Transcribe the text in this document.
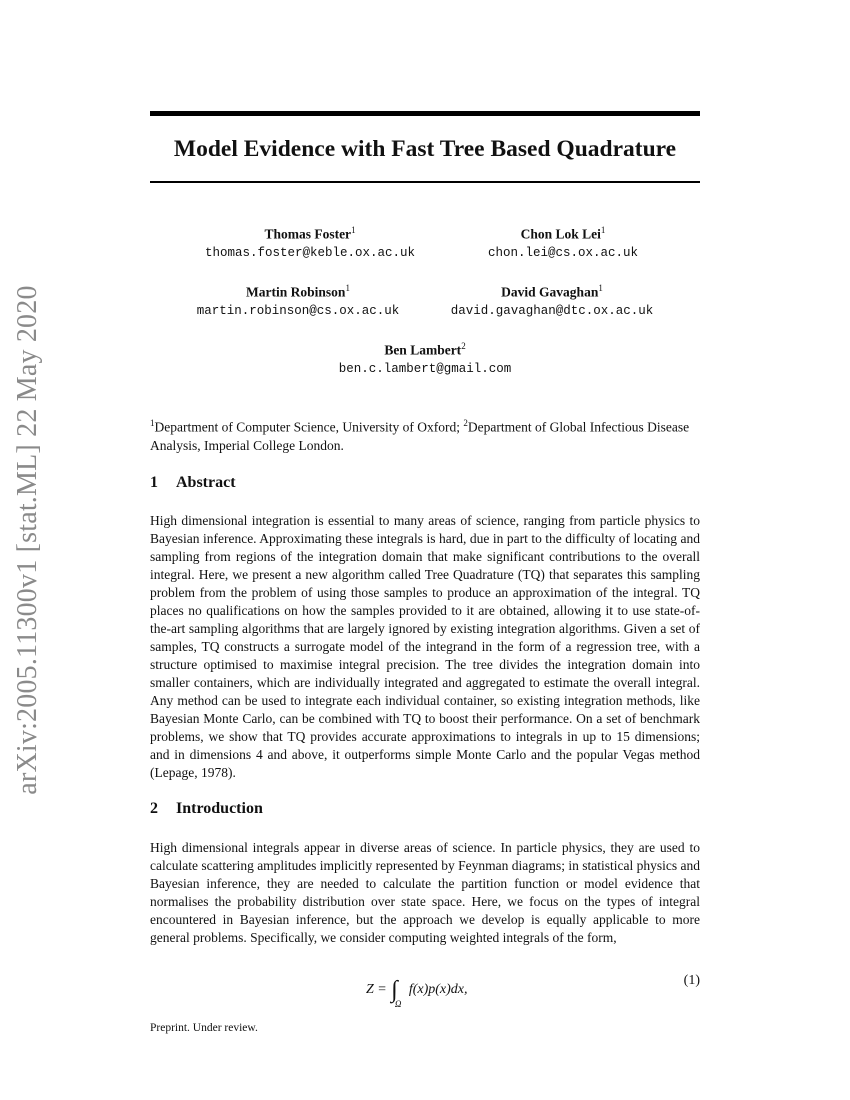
arXiv:2005.11300v1 [stat.ML] 22 May 2020
Model Evidence with Fast Tree Based Quadrature
Thomas Foster$^1$
thomas.foster@keble.ox.ac.uk
Chon Lok Lei$^1$
chon.lei@cs.ox.ac.uk
Martin Robinson$^1$
martin.robinson@cs.ox.ac.uk
David Gavaghan$^1$
david.gavaghan@dtc.ox.ac.uk
Ben Lambert$^2$
ben.c.lambert@gmail.com
$^1$Department of Computer Science, University of Oxford; $^2$Department of Global Infectious Disease Analysis, Imperial College London.
1 Abstract
High dimensional integration is essential to many areas of science, ranging from particle physics to Bayesian inference. Approximating these integrals is hard, due in part to the difficulty of locating and sampling from regions of the integration domain that make significant contributions to the overall integral. Here, we present a new algorithm called Tree Quadrature (TQ) that separates this sampling problem from the problem of using those samples to produce an approximation of the integral. TQ places no qualifications on how the samples provided to it are obtained, allowing it to use state-of-the-art sampling algorithms that are largely ignored by existing integration algorithms. Given a set of samples, TQ constructs a surrogate model of the integrand in the form of a regression tree, with a structure optimised to maximise integral precision. The tree divides the integration domain into smaller containers, which are individually integrated and aggregated to estimate the overall integral. Any method can be used to integrate each individual container, so existing integration methods, like Bayesian Monte Carlo, can be combined with TQ to boost their performance. On a set of benchmark problems, we show that TQ provides accurate approximations to integrals in up to 15 dimensions; and in dimensions 4 and above, it outperforms simple Monte Carlo and the popular Vegas method (Lepage, 1978).
2 Introduction
High dimensional integrals appear in diverse areas of science. In particle physics, they are used to calculate scattering amplitudes implicitly represented by Feynman diagrams; in statistical physics and Bayesian inference, they are needed to calculate the partition function or model evidence that normalises the probability distribution over state space. Here, we focus on the types of integral encountered in Bayesian inference, but the approach we develop is equally applicable to more general problems. Specifically, we consider computing weighted integrals of the form,
$Z = \int_\Omega$ f(x)p(x)dx,
(1)
Preprint. Under review.
